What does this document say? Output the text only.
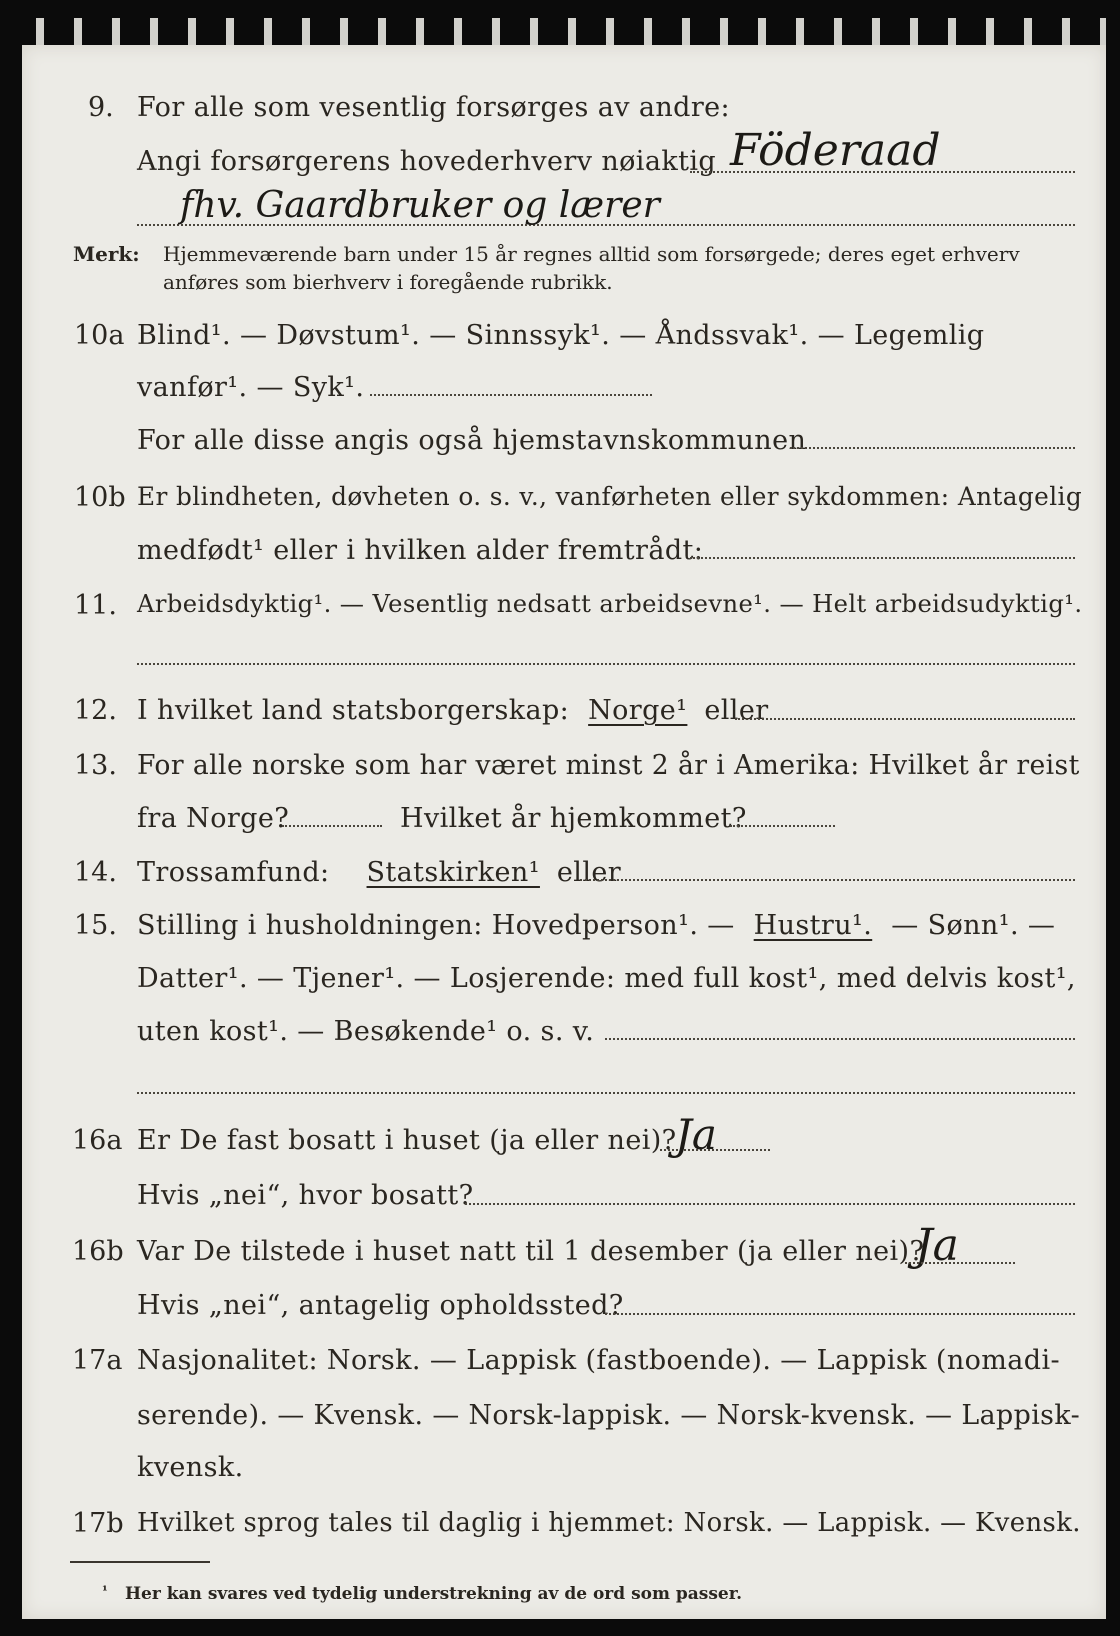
9. For alle som vesentlig forsørges av andre:
Angi forsørgerens hovederhverv nøiaktig Föderaad
fhv. Gaardbruker og lærer
Merk: Hjemmeværende barn under 15 år regnes alltid som forsørgede; deres eget erhverv
anføres som bierhverv i foregående rubrikk.
10a Blind¹. — Døvstum¹. — Sinnssyk¹. — Åndssvak¹. — Legemlig
vanfør¹. — Syk¹.
For alle disse angis også hjemstavnskommunen
10b Er blindheten, døvheten o. s. v., vanførheten eller sykdommen: Antagelig
medfødt¹ eller i hvilken alder fremtrådt:
11. Arbeidsdyktig¹. — Vesentlig nedsatt arbeidsevne¹. — Helt arbeidsudyktig¹.
12. I hvilket land statsborgerskap: Norge¹ eller
13. For alle norske som har været minst 2 år i Amerika: Hvilket år reist
fra Norge?	Hvilket år hjemkommet?
14. Trossamfund: Statskirken¹ eller
15. Stilling i husholdningen: Hovedperson¹. — Hustru¹. — Sønn¹. —
Datter¹. — Tjener¹. — Losjerende: med full kost¹, med delvis kost¹,
uten kost¹. — Besøkende¹ o. s. v.
16a Er De fast bosatt i huset (ja eller nei)?
Ja
Hvis „nei“, hvor bosatt?
16b Var De tilstede i huset natt til 1 desember (ja eller nei)?
Ja
Hvis „nei“, antagelig opholdssted?
17a Nasjonalitet: Norsk. — Lappisk (fastboende). — Lappisk (nomadi-
serende). — Kvensk. — Norsk-lappisk. — Norsk-kvensk. — Lappisk-
kvensk.
17b Hvilket sprog tales til daglig i hjemmet: Norsk. — Lappisk. — Kvensk.
¹ Her kan svares ved tydelig understrekning av de ord som passer.
